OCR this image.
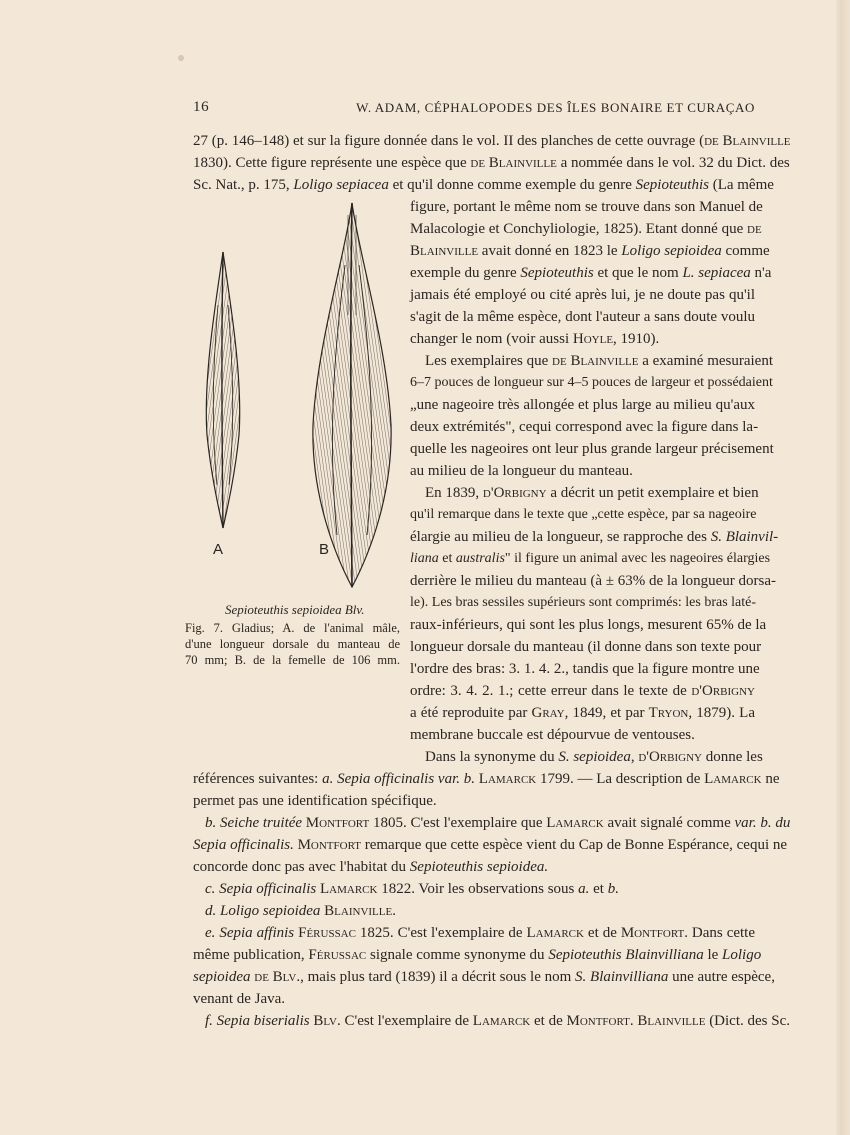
16	W. ADAM, CÉPHALOPODES DES ÎLES BONAIRE ET CURAÇAO
27 (p. 146–148) et sur la figure donnée dans le vol. II des planches de cette ouvrage (de Blainville
1830). Cette figure représente une espèce que de Blainville a nommée dans le vol. 32 du Dict. des
Sc. Nat., p. 175, Loligo sepiacea et qu'il donne comme exemple du genre Sepioteuthis (La même
figure, portant le même nom se trouve dans son Manuel de
Malacologie et Conchyliologie, 1825). Etant donné que de
Blainville avait donné en 1823 le Loligo sepioidea comme
exemple du genre Sepioteuthis et que le nom L. sepiacea n'a
jamais été employé ou cité après lui, je ne doute pas qu'il
s'agit de la même espèce, dont l'auteur a sans doute voulu
changer le nom (voir aussi Hoyle, 1910).
Les exemplaires que de Blainville a examiné mesuraient
6–7 pouces de longueur sur 4–5 pouces de largeur et possédaient
„une nageoire très allongée et plus large au milieu qu'aux
deux extrémités", cequi correspond avec la figure dans la-
quelle les nageoires ont leur plus grande largeur précisement
au milieu de la longueur du manteau.
En 1839, d'Orbigny a décrit un petit exemplaire et bien
qu'il remarque dans le texte que „cette espèce, par sa nageoire
élargie au milieu de la longueur, se rapproche des S. Blainvil-
liana et australis" il figure un animal avec les nageoires élargies
derrière le milieu du manteau (à ± 63% de la longueur dorsa-
le). Les bras sessiles supérieurs sont comprimés: les bras laté-
raux-inférieurs, qui sont les plus longs, mesurent 65% de la
longueur dorsale du manteau (il donne dans son texte pour
l'ordre des bras: 3. 1. 4. 2., tandis que la figure montre une
ordre: 3. 4. 2. 1.; cette erreur dans le texte de d'Orbigny
a été reproduite par Gray, 1849, et par Tryon, 1879). La
membrane buccale est dépourvue de ventouses.
Dans la synonyme du S. sepioidea, d'Orbigny donne les
références suivantes: a. Sepia officinalis var. b. Lamarck 1799. — La description de Lamarck ne
permet pas une identification spécifique.
b. Seiche truitée Montfort 1805. C'est l'exemplaire que Lamarck avait signalé comme var. b. du
Sepia officinalis. Montfort remarque que cette espèce vient du Cap de Bonne Espérance, cequi ne
concorde donc pas avec l'habitat du Sepioteuthis sepioidea.
c. Sepia officinalis Lamarck 1822. Voir les observations sous a. et b.
d. Loligo sepioidea Blainville.
e. Sepia affinis Férussac 1825. C'est l'exemplaire de Lamarck et de Montfort. Dans cette
même publication, Férussac signale comme synonyme du Sepioteuthis Blainvilliana le Loligo
sepioidea de Blv., mais plus tard (1839) il a décrit sous le nom S. Blainvilliana une autre espèce,
venant de Java.
f. Sepia biserialis Blv. C'est l'exemplaire de Lamarck et de Montfort. Blainville (Dict. des Sc.
A	B
Sepioteuthis sepioidea Blv.
Fig. 7. Gladius; A. de l'animal mâle,
d'une longueur dorsale du manteau de
70 mm; B. de la femelle de 106 mm.
